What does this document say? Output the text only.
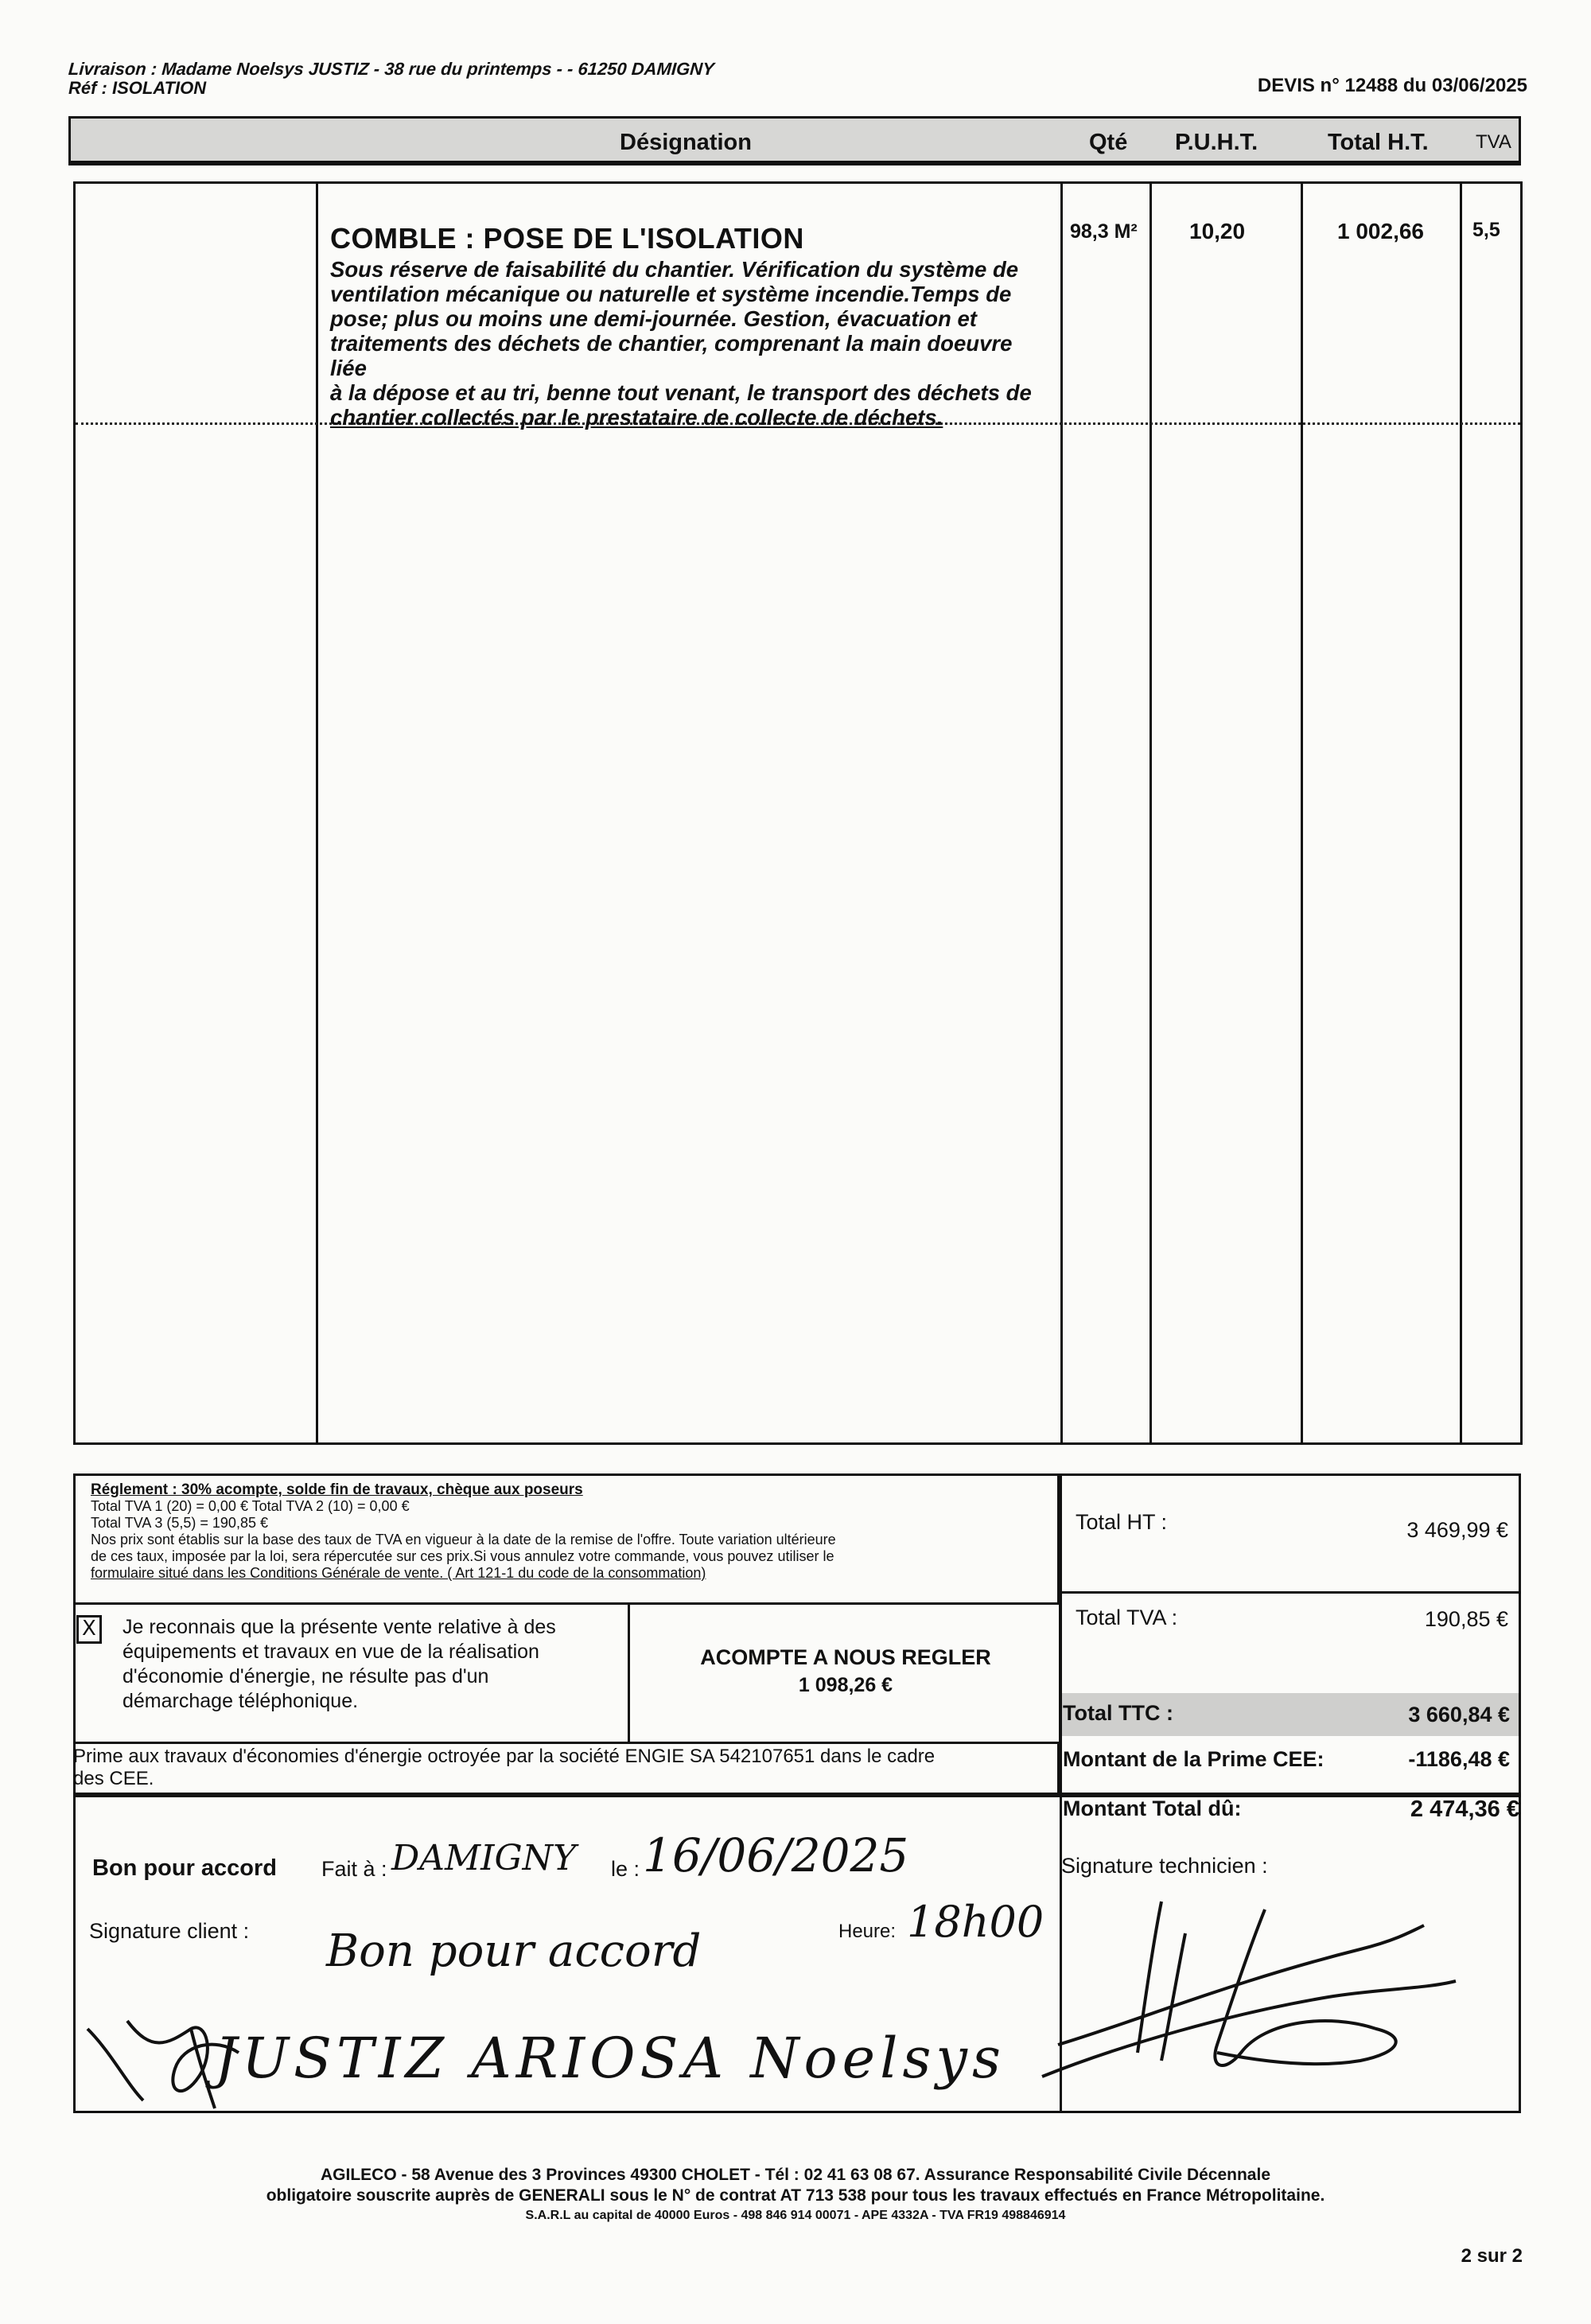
Livraison : Madame Noelsys JUSTIZ - 38 rue du printemps - - 61250 DAMIGNY
Réf : ISOLATION	DEVIS n° 12488 du 03/06/2025
Désignation	Qté P.U.H.T.	Total H.T. TVA
COMBLE : POSE DE L'ISOLATION
Sous réserve de faisabilité du chantier. Vérification du système de
ventilation mécanique ou naturelle et système incendie.Temps de
pose; plus ou moins une demi-journée. Gestion, évacuation et
traitements des déchets de chantier, comprenant la main doeuvre liée
à la dépose et au tri, benne tout venant, le transport des déchets de
chantier collectés par le prestataire de collecte de déchets.
98,3 M² 10,20	1 002,66 5,5
Réglement : 30% acompte, solde fin de travaux, chèque aux poseurs
Total TVA 1 (20) = 0,00 € Total TVA 2 (10) = 0,00 €
Total TVA 3 (5,5) = 190,85 €
Nos prix sont établis sur la base des taux de TVA en vigueur à la date de la remise de l'offre. Toute variation ultérieure
de ces taux, imposée par la loi, sera répercutée sur ces prix.Si vous annulez votre commande, vous pouvez utiliser le
formulaire situé dans les Conditions Générale de vente. ( Art 121-1 du code de la consommation)
X Je reconnais que la présente vente relative à des
équipements et travaux en vue de la réalisation
d'économie d'énergie, ne résulte pas d'un
démarchage téléphonique.
ACOMPTE A NOUS REGLER
1 098,26 €
Total HT :	3 469,99 €
Total TVA :	190,85 €
Total TTC :	3 660,84 €
Montant de la Prime CEE:	-1186,48 €
Montant Total dû:	2 474,36 €
Prime aux travaux d'économies d'énergie octroyée par la société ENGIE SA 542107651 dans le cadre
des CEE.
Bon pour accord Fait à : DAMIGNY le : 16/06/2025
Signature client :	Heure: 18h00
Bon pour accord
JUSTIZ ARIOSA Noelsys
Signature technicien :
AGILECO - 58 Avenue des 3 Provinces 49300 CHOLET - Tél : 02 41 63 08 67. Assurance Responsabilité Civile Décennale
obligatoire souscrite auprès de GENERALI sous le N° de contrat AT 713 538 pour tous les travaux effectués en France Métropolitaine.
S.A.R.L au capital de 40000 Euros - 498 846 914 00071 - APE 4332A - TVA FR19 498846914
2 sur 2
